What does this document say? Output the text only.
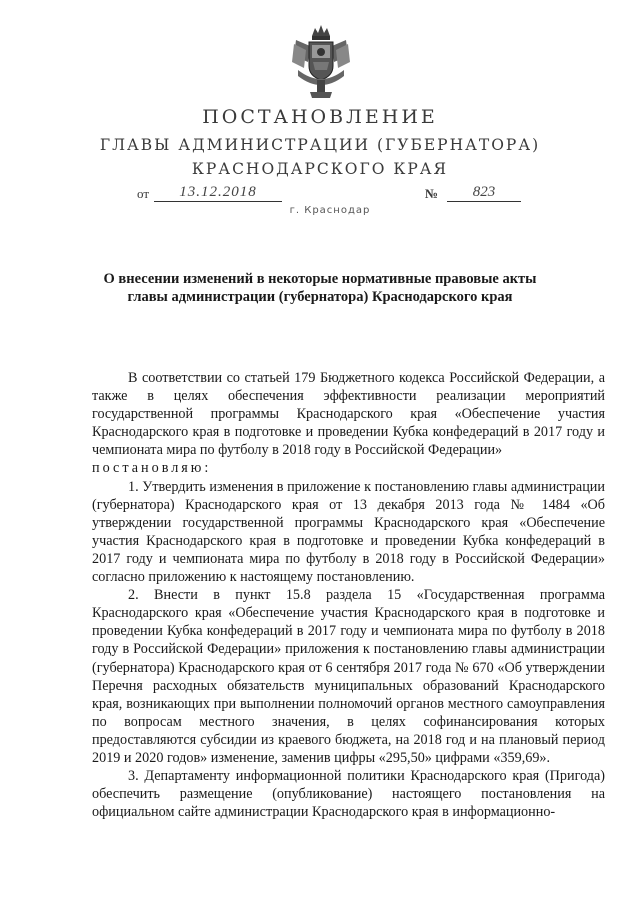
ПОСТАНОВЛЕНИЕ
ГЛАВЫ АДМИНИСТРАЦИИ (ГУБЕРНАТОРА)
КРАСНОДАРСКОГО КРАЯ
от	13.12.2018	№	823
г. Краснодар
О внесении изменений в некоторые нормативные правовые акты главы администрации (губернатора) Краснодарского края

В соответствии со статьей 179 Бюджетного кодекса Российской Федерации, а также в целях обеспечения эффективности реализации мероприятий государственной программы Краснодарского края «Обеспечение участия Краснодарского края в подготовке и проведении Кубка конфедераций в 2017 году и чемпионата мира по футболу в 2018 году в Российской Федерации»

постановляю:

1. Утвердить изменения в приложение к постановлению главы администрации (губернатора) Краснодарского края от 13 декабря 2013 года № 1484 «Об утверждении государственной программы Краснодарского края «Обеспечение участия Краснодарского края в подготовке и проведении Кубка конфедераций в 2017 году и чемпионата мира по футболу в 2018 году в Российской Федерации» согласно приложению к настоящему постановлению.

2. Внести в пункт 15.8 раздела 15 «Государственная программа Краснодарского края «Обеспечение участия Краснодарского края в подготовке и проведении Кубка конфедераций в 2017 году и чемпионата мира по футболу в 2018 году в Российской Федерации» приложения к постановлению главы администрации (губернатора) Краснодарского края от 6 сентября 2017 года № 670 «Об утверждении Перечня расходных обязательств муниципальных образований Краснодарского края, возникающих при выполнении полномочий органов местного самоуправления по вопросам местного значения, в целях софинансирования которых предоставляются субсидии из краевого бюджета, на 2018 год и на плановый период 2019 и 2020 годов» изменение, заменив цифры «295,50» цифрами «359,69».

3. Департаменту информационной политики Краснодарского края (Пригода) обеспечить размещение (опубликование) настоящего постановления на официальном сайте администрации Краснодарского края в информационно-
